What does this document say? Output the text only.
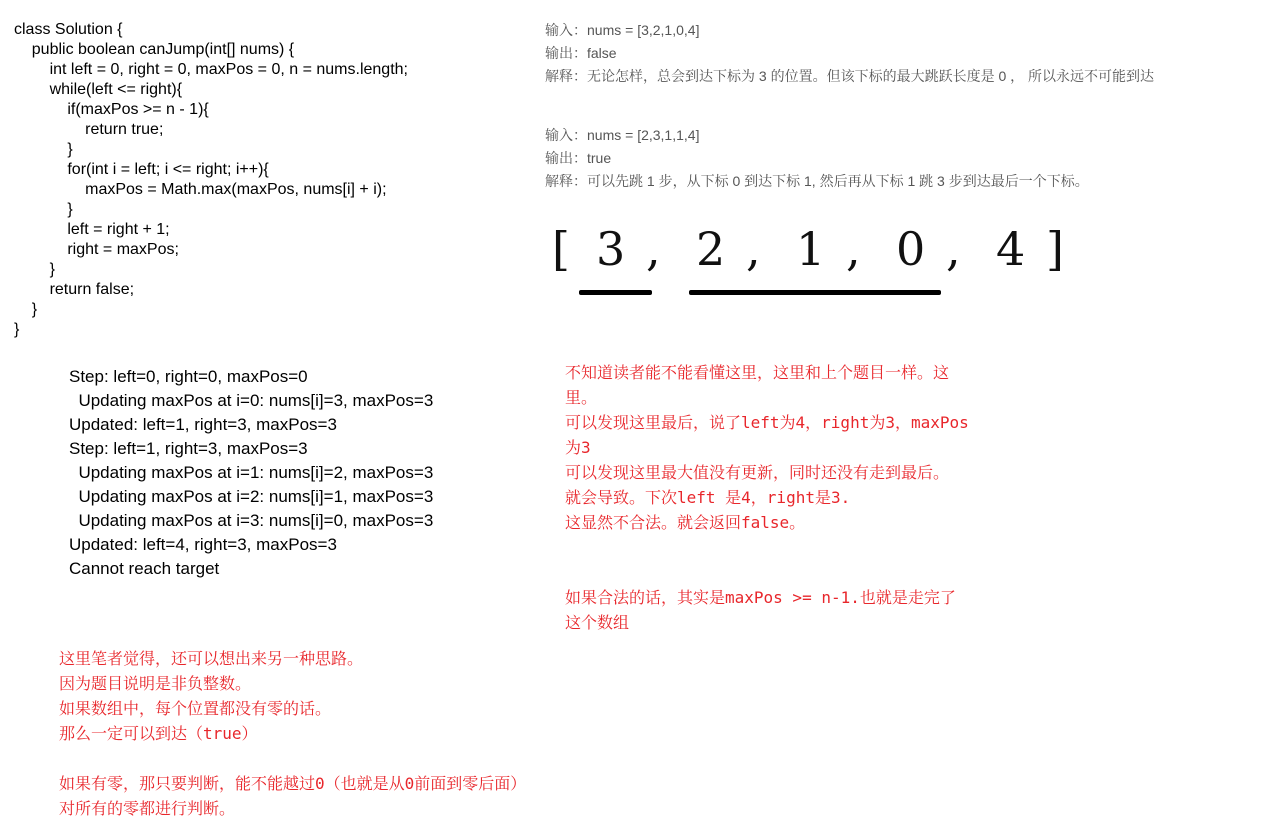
class Solution {
public boolean canJump(int[] nums) {
int left = 0, right = 0, maxPos = 0, n = nums.length;
while(left <= right){
if(maxPos >= n - 1){
return true;
}
for(int i = left; i <= right; i++){
maxPos = Math.max(maxPos, nums[i] + i);
}
left = right + 1;
right = maxPos;
}
return false;
}
}
Step: left=0, right=0, maxPos=0
Updating maxPos at i=0: nums[i]=3, maxPos=3
Updated: left=1, right=3, maxPos=3
Step: left=1, right=3, maxPos=3
Updating maxPos at i=1: nums[i]=2, maxPos=3
Updating maxPos at i=2: nums[i]=1, maxPos=3
Updating maxPos at i=3: nums[i]=0, maxPos=3
Updated: left=4, right=3, maxPos=3
Cannot reach target
输入：nums = [3,2,1,0,4]
输出：false
解释：无论怎样，总会到达下标为 3 的位置。但该下标的最大跳跃长度是 0 ， 所以永远不可能到达
输入：nums = [2,3,1,1,4]
输出：true
解释：可以先跳 1 步，从下标 0 到达下标 1, 然后再从下标 1 跳 3 步到达最后一个下标。
[ 3 , 2 , 1 , 0 , 4 ]
不知道读者能不能看懂这里，这里和上个题目一样。这
里。
可以发现这里最后，说了left为4，right为3，maxPos
为3
可以发现这里最大值没有更新，同时还没有走到最后。
就会导致。下次left 是4，right是3.
这显然不合法。就会返回false。
如果合法的话，其实是maxPos >= n-1.也就是走完了
这个数组
这里笔者觉得，还可以想出来另一种思路。
因为题目说明是非负整数。
如果数组中，每个位置都没有零的话。
那么一定可以到达（true）
如果有零，那只要判断，能不能越过0（也就是从0前面到零后面）
对所有的零都进行判断。
